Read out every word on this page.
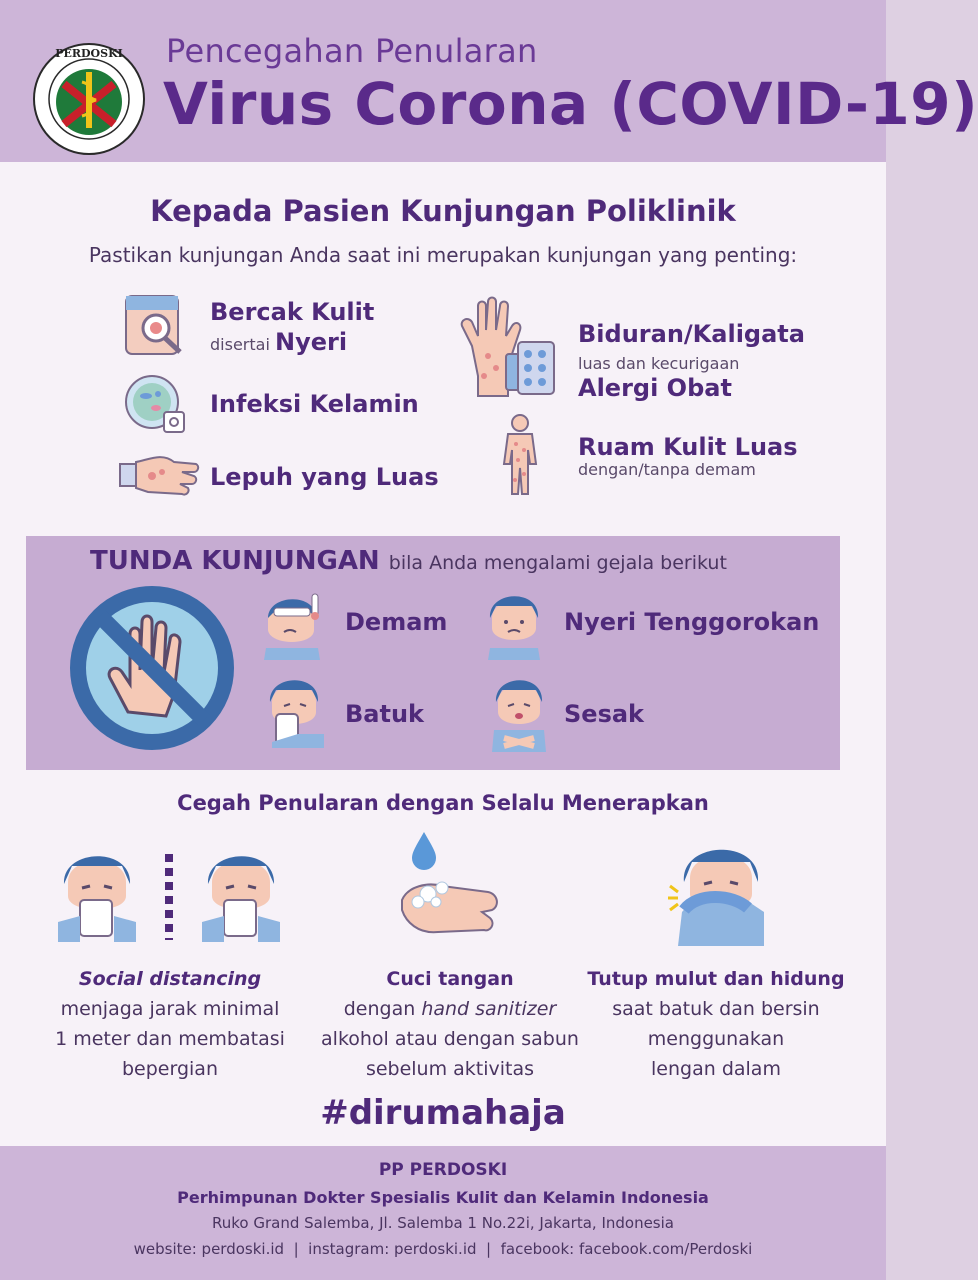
PERDOSKI Pencegahan Penularan
Virus Corona (COVID-19)
Kepada Pasien Kunjungan Poliklinik
Pastikan kunjungan Anda saat ini merupakan kunjungan yang penting:
Bercak Kulit
disertai Nyeri
Infeksi Kelamin
Lepuh yang Luas
Biduran/Kaligata
luas dan kecurigaan
Alergi Obat
Ruam Kulit Luas
dengan/tanpa demam
TUNDA KUNJUNGAN bila Anda mengalami gejala berikut
Demam	Nyeri Tenggorokan
Batuk	Sesak
Cegah Penularan dengan Selalu Menerapkan
Social distancing
menjaga jarak minimal
1 meter dan membatasi
bepergian
Cuci tangan
dengan hand sanitizer
alkohol atau dengan sabun
sebelum aktivitas
Tutup mulut dan hidung
saat batuk dan bersin
menggunakan
lengan dalam
#dirumahaja
PP PERDOSKI
Perhimpunan Dokter Spesialis Kulit dan Kelamin Indonesia
Ruko Grand Salemba, Jl. Salemba 1 No.22i, Jakarta, Indonesia
website: perdoski.id  |  instagram: perdoski.id  |  facebook: facebook.com/Perdoski
